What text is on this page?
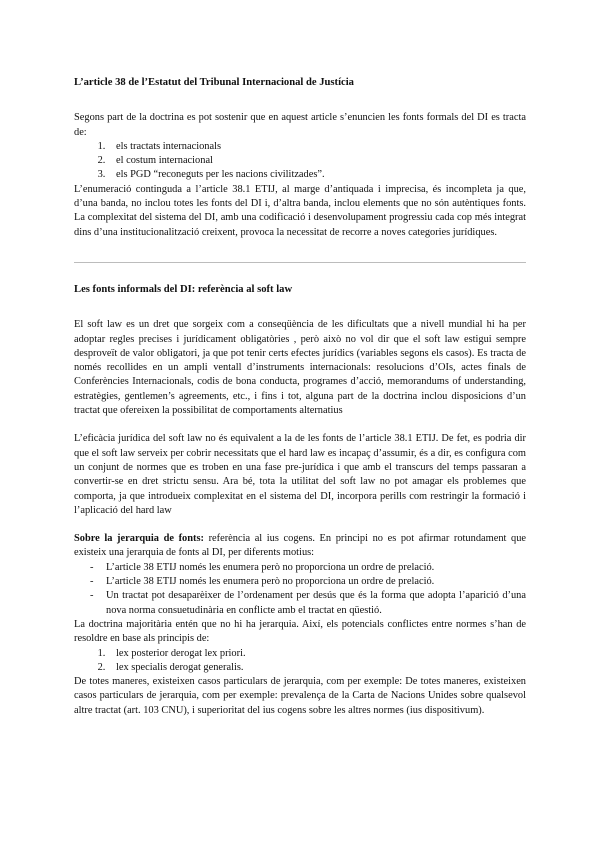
L’article 38 de l’Estatut del Tribunal Internacional de Justícia

Segons part de la doctrina es pot sostenir que en aquest article s’enuncien les fonts formals del DI es tracta de:

1. els tractats internacionals
2. el costum internacional
3. els PGD “reconeguts per les nacions civilitzades”.

L’enumeració continguda a l’article 38.1 ETIJ, al marge d’antiquada i imprecisa, és incompleta ja que, d’una banda, no inclou totes les fonts del DI i, d’altra banda, inclou elements que no són autèntiques fonts. La complexitat del sistema del DI, amb una codificació i desenvolupament progressiu cada cop més integrat dins d’una institucionalització creixent, provoca la necessitat de recorre a noves categories jurídiques.

Les fonts informals del DI: referència al soft law

El soft law es un dret que sorgeix com a conseqüència de les dificultats que a nivell mundial hi ha per adoptar regles precises i jurídicament obligatòries , però això no vol dir que el soft law estigui sempre desproveït de valor obligatori, ja que pot tenir certs efectes jurídics (variables segons els casos). Es tracta de només recollides en un ampli ventall d’instruments internacionals: resolucions d’OIs, actes finals de Conferències Internacionals, codis de bona conducta, programes d’acció, memorandums of understanding, estratègies, gentlemen’s agreements, etc., i fins i tot, alguna part de la doctrina inclou disposicions d’un tractat que ofereixen la possibilitat de comportaments alternatius

L’eficàcia jurídica del soft law no és equivalent a la de les fonts de l’article 38.1 ETIJ. De fet, es podria dir que el soft law serveix per cobrir necessitats que el hard law es incapaç d’assumir, és a dir, es configura com un conjunt de normes que es troben en una fase pre-jurídica i que amb el transcurs del temps passaran a convertir-se en dret strictu sensu. Ara bé, tota la utilitat del soft law no pot amagar els problemes que comporta, ja que introdueix complexitat en el sistema del DI, incorpora perills com restringir la formació i l’aplicació del hard law

Sobre la jerarquia de fonts: referència al ius cogens. En principi no es pot afirmar rotundament que existeix una jerarquia de fonts al DI, per diferents motius:

- L’article 38 ETIJ només les enumera però no proporciona un ordre de prelació.
- L’article 38 ETIJ només les enumera però no proporciona un ordre de prelació.
- Un tractat pot desaparèixer de l’ordenament per desús que és la forma que adopta l’aparició d’una nova norma consuetudinària en conflicte amb el tractat en qüestió.

La doctrina majoritària entén que no hi ha jerarquia. Així, els potencials conflictes entre normes s’han de resoldre en base als principis de:

1. lex posterior derogat lex priori.
2. lex specialis derogat generalis.

De totes maneres, existeixen casos particulars de jerarquia, com per exemple: De totes maneres, existeixen casos particulars de jerarquia, com per exemple: prevalença de la Carta de Nacions Unides sobre qualsevol altre tractat (art. 103 CNU), i superioritat del ius cogens sobre les altres normes (ius dispositivum).
